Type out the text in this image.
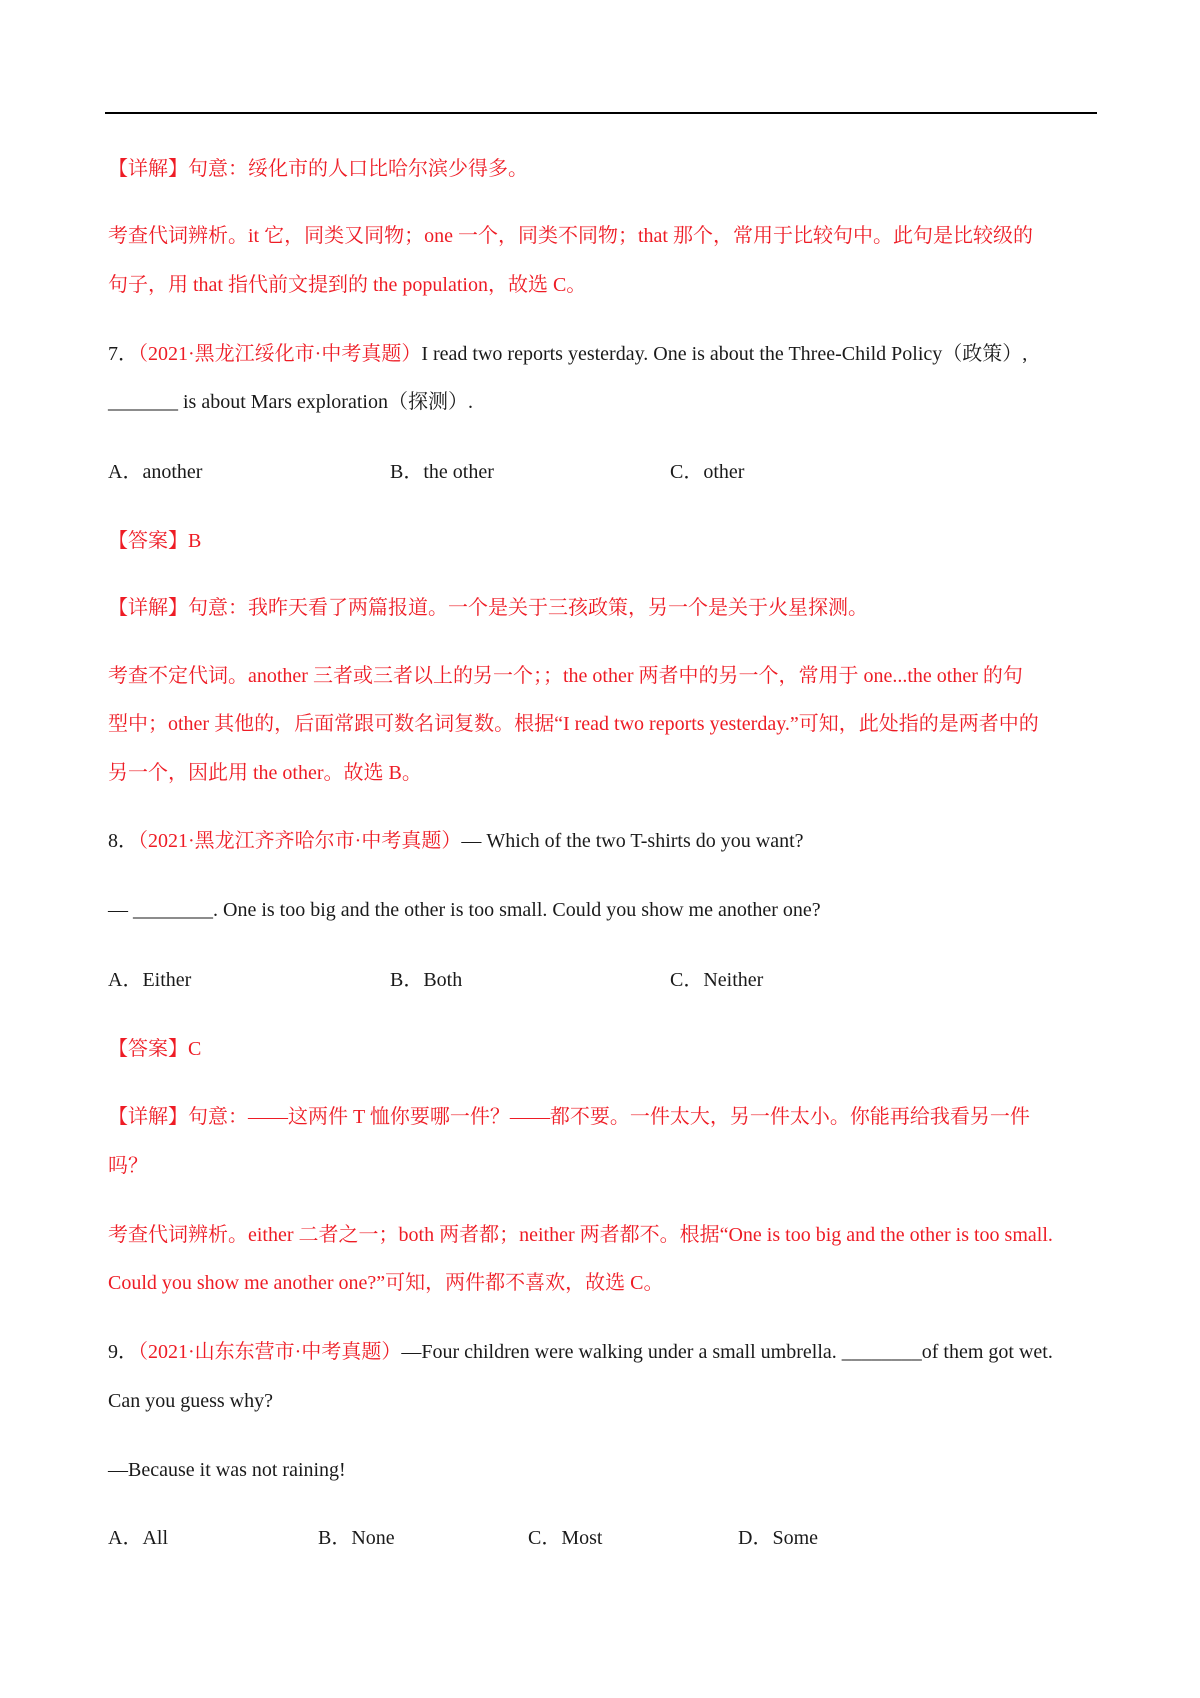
【详解】句意：绥化市的人口比哈尔滨少得多。
考查代词辨析。it 它，同类又同物；one 一个，同类不同物；that 那个，常用于比较句中。此句是比较级的
句子，用 that 指代前文提到的 the population，故选 C。
7．（2021·黑龙江绥化市·中考真题）I read two reports yesterday. One is about the Three-Child Policy（政策）,
_______ is about Mars exploration（探测）.
A．another	B．the other	C．other
【答案】B
【详解】句意：我昨天看了两篇报道。一个是关于三孩政策，另一个是关于火星探测。
考查不定代词。another 三者或三者以上的另一个；；the other 两者中的另一个，常用于 one...the other 的句
型中；other 其他的，后面常跟可数名词复数。根据“I read two reports yesterday.”可知，此处指的是两者中的
另一个，因此用 the other。故选 B。
8．（2021·黑龙江齐齐哈尔市·中考真题）— Which of the two T-shirts do you want?
— ________. One is too big and the other is too small. Could you show me another one?
A．Either	B．Both	C．Neither
【答案】C
【详解】句意：——这两件 T 恤你要哪一件？——都不要。一件太大，另一件太小。你能再给我看另一件
吗？
考查代词辨析。either 二者之一；both 两者都；neither 两者都不。根据“One is too big and the other is too small.
Could you show me another one?”可知，两件都不喜欢，故选 C。
9．（2021·山东东营市·中考真题）—Four children were walking under a small umbrella. ________of them got wet.
Can you guess why?
—Because it was not raining!
A．All	B．None	C．Most	D．Some
